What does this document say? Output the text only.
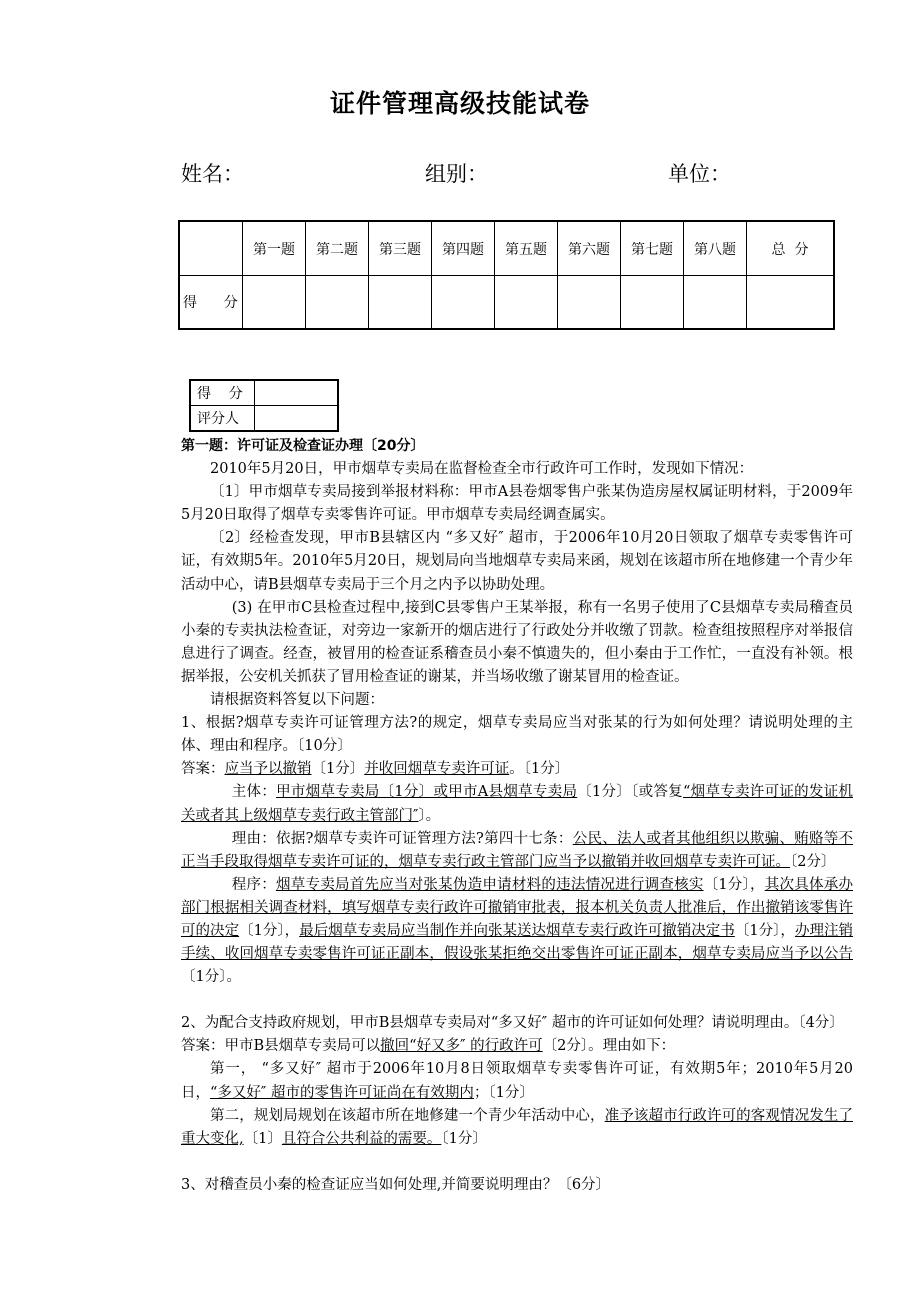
证件管理高级技能试卷
姓名：	组别：	单位：
	第一题	第二题	第三题	第四题	第五题	第六题	第七题	第八题	总  分
得      分									
得    分	
评分人	

第一题：许可证及检查证办理〔20分〕

2010年5月20日，甲市烟草专卖局在监督检查全市行政许可工作时，发现如下情况：

〔1〕甲市烟草专卖局接到举报材料称：甲市A县卷烟零售户张某伪造房屋权属证明材料，于2009年5月20日取得了烟草专卖零售许可证。甲市烟草专卖局经调查属实。

〔2〕经检查发现，甲市B县辖区内 “多又好″ 超市，于2006年10月20日领取了烟草专卖零售许可证，有效期5年。2010年5月20日，规划局向当地烟草专卖局来函，规划在该超市所在地修建一个青少年活动中心，请B县烟草专卖局于三个月之内予以协助处理。

(3) 在甲市C县检查过程中,接到C县零售户王某举报，称有一名男子使用了C县烟草专卖局稽查员小秦的专卖执法检查证，对旁边一家新开的烟店进行了行政处分并收缴了罚款。检查组按照程序对举报信息进行了调查。经查，被冒用的检查证系稽查员小秦不慎遗失的，但小秦由于工作忙，一直没有补领。根据举报，公安机关抓获了冒用检查证的谢某，并当场收缴了谢某冒用的检查证。

请根据资料答复以下问题：

1、根据?烟草专卖许可证管理方法?的规定，烟草专卖局应当对张某的行为如何处理？请说明处理的主体、理由和程序。〔10分〕

答案：应当予以撤销〔1分〕并收回烟草专卖许可证。〔1分〕

主体：甲市烟草专卖局〔1分〕或甲市A县烟草专卖局〔1分〕〔或答复“烟草专卖许可证的发证机关或者其上级烟草专卖行政主管部门″〕。

理由：依据?烟草专卖许可证管理方法?第四十七条：公民、法人或者其他组织以欺骗、贿赂等不正当手段取得烟草专卖许可证的，烟草专卖行政主管部门应当予以撤销并收回烟草专卖许可证。〔2分〕

程序：烟草专卖局首先应当对张某伪造申请材料的违法情况进行调查核实〔1分〕，其次具体承办部门根据相关调查材料，填写烟草专卖行政许可撤销审批表，报本机关负责人批准后，作出撤销该零售许可的决定〔1分〕，最后烟草专卖局应当制作并向张某送达烟草专卖行政许可撤销决定书〔1分〕，办理注销手续、收回烟草专卖零售许可证正副本，假设张某拒绝交出零售许可证正副本，烟草专卖局应当予以公告〔1分〕。

2、为配合支持政府规划，甲市B县烟草专卖局对“多又好″ 超市的许可证如何处理？请说明理由。〔4分〕

答案：甲市B县烟草专卖局可以撤回“好又多″ 的行政许可〔2分〕。理由如下：

第一， “多又好″ 超市于2006年10月8日领取烟草专卖零售许可证，有效期5年；2010年5月20日，“多又好″ 超市的零售许可证尚在有效期内；〔1分〕

第二，规划局规划在该超市所在地修建一个青少年活动中心，准予该超市行政许可的客观情况发生了重大变化,〔1〕且符合公共利益的需要。〔1分〕

3、对稽查员小秦的检查证应当如何处理,并简要说明理由？〔6分〕
